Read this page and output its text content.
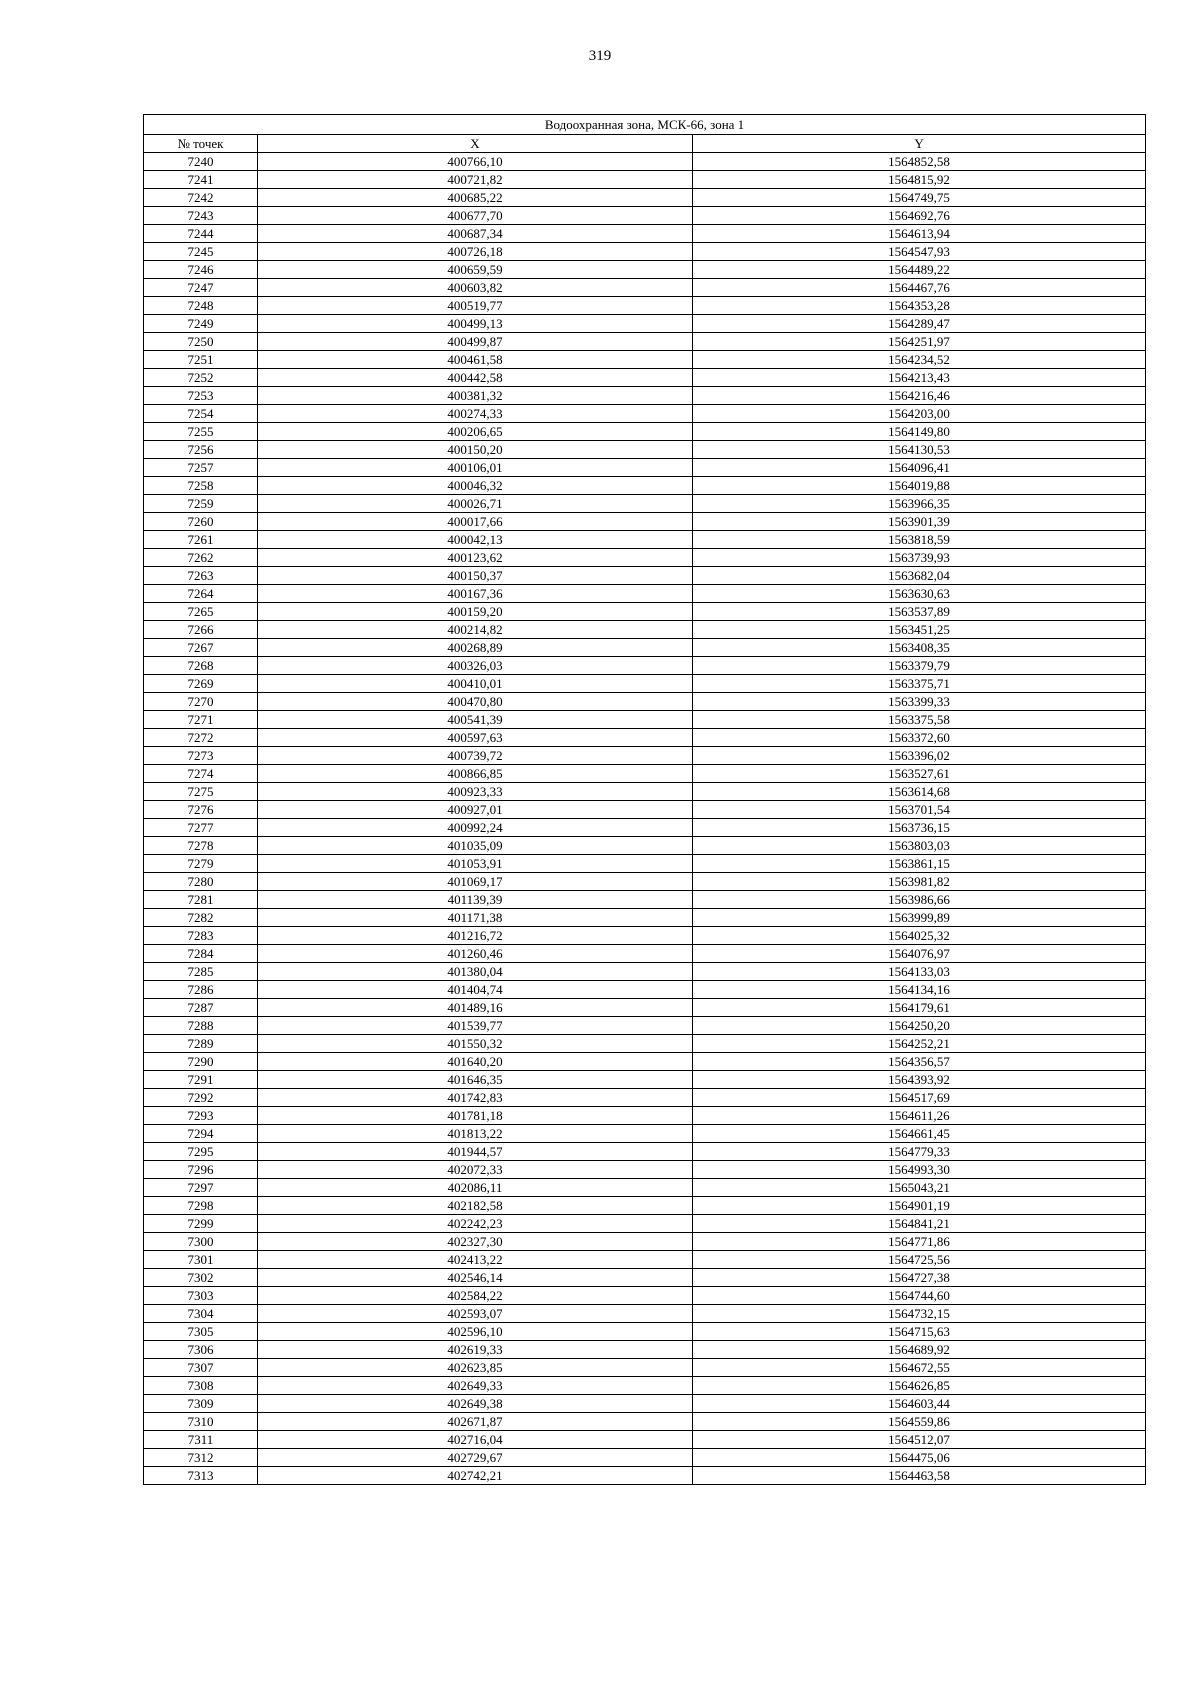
319
Водоохранная зона, МСК-66, зона 1		
№ точек	X	Y
7240	400766,10	1564852,58
7241	400721,82	1564815,92
7242	400685,22	1564749,75
7243	400677,70	1564692,76
7244	400687,34	1564613,94
7245	400726,18	1564547,93
7246	400659,59	1564489,22
7247	400603,82	1564467,76
7248	400519,77	1564353,28
7249	400499,13	1564289,47
7250	400499,87	1564251,97
7251	400461,58	1564234,52
7252	400442,58	1564213,43
7253	400381,32	1564216,46
7254	400274,33	1564203,00
7255	400206,65	1564149,80
7256	400150,20	1564130,53
7257	400106,01	1564096,41
7258	400046,32	1564019,88
7259	400026,71	1563966,35
7260	400017,66	1563901,39
7261	400042,13	1563818,59
7262	400123,62	1563739,93
7263	400150,37	1563682,04
7264	400167,36	1563630,63
7265	400159,20	1563537,89
7266	400214,82	1563451,25
7267	400268,89	1563408,35
7268	400326,03	1563379,79
7269	400410,01	1563375,71
7270	400470,80	1563399,33
7271	400541,39	1563375,58
7272	400597,63	1563372,60
7273	400739,72	1563396,02
7274	400866,85	1563527,61
7275	400923,33	1563614,68
7276	400927,01	1563701,54
7277	400992,24	1563736,15
7278	401035,09	1563803,03
7279	401053,91	1563861,15
7280	401069,17	1563981,82
7281	401139,39	1563986,66
7282	401171,38	1563999,89
7283	401216,72	1564025,32
7284	401260,46	1564076,97
7285	401380,04	1564133,03
7286	401404,74	1564134,16
7287	401489,16	1564179,61
7288	401539,77	1564250,20
7289	401550,32	1564252,21
7290	401640,20	1564356,57
7291	401646,35	1564393,92
7292	401742,83	1564517,69
7293	401781,18	1564611,26
7294	401813,22	1564661,45
7295	401944,57	1564779,33
7296	402072,33	1564993,30
7297	402086,11	1565043,21
7298	402182,58	1564901,19
7299	402242,23	1564841,21
7300	402327,30	1564771,86
7301	402413,22	1564725,56
7302	402546,14	1564727,38
7303	402584,22	1564744,60
7304	402593,07	1564732,15
7305	402596,10	1564715,63
7306	402619,33	1564689,92
7307	402623,85	1564672,55
7308	402649,33	1564626,85
7309	402649,38	1564603,44
7310	402671,87	1564559,86
7311	402716,04	1564512,07
7312	402729,67	1564475,06
7313	402742,21	1564463,58
